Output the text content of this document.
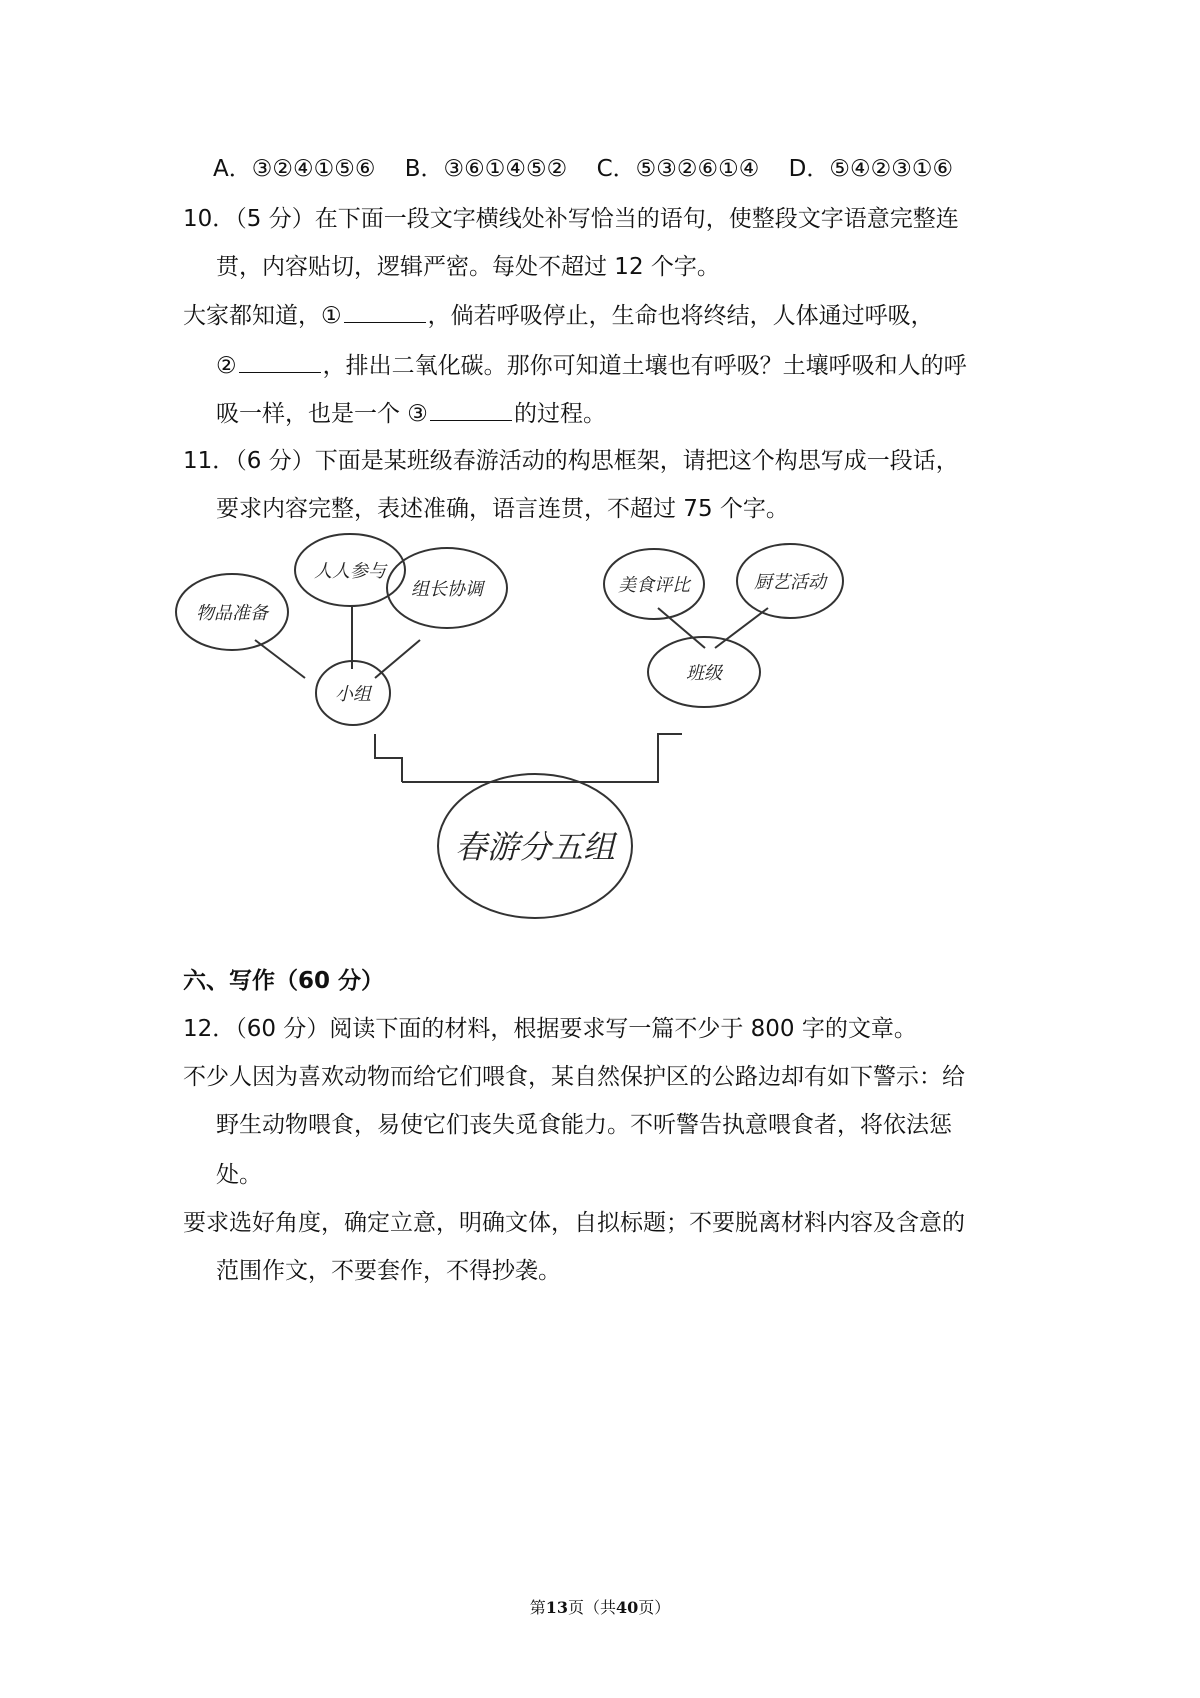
A．③②④①⑤⑥ B．③⑥①④⑤② C．⑤③②⑥①④ D．⑤④②③①⑥
10．（5 分）在下面一段文字横线处补写恰当的语句，使整段文字语意完整连
贯，内容贴切，逻辑严密。每处不超过 12 个字。
大家都知道，①	，倘若呼吸停止，生命也将终结，人体通过呼吸，
②	，排出二氧化碳。那你可知道土壤也有呼吸？土壤呼吸和人的呼
吸一样，也是一个 ③	的过程。
11．（6 分）下面是某班级春游活动的构思框架，请把这个构思写成一段话，
要求内容完整，表述准确，语言连贯，不超过 75 个字。
物品准备
人人参与
组长协调
小组
美食评比	厨艺活动
班级
春游分五组
六、写作（60 分）
12．（60 分）阅读下面的材料，根据要求写一篇不少于 800 字的文章。
不少人因为喜欢动物而给它们喂食，某自然保护区的公路边却有如下警示：给
野生动物喂食，易使它们丧失觅食能力。不听警告执意喂食者，将依法惩
处。
要求选好角度，确定立意，明确文体，自拟标题；不要脱离材料内容及含意的
范围作文，不要套作，不得抄袭。
第13页（共40页）
